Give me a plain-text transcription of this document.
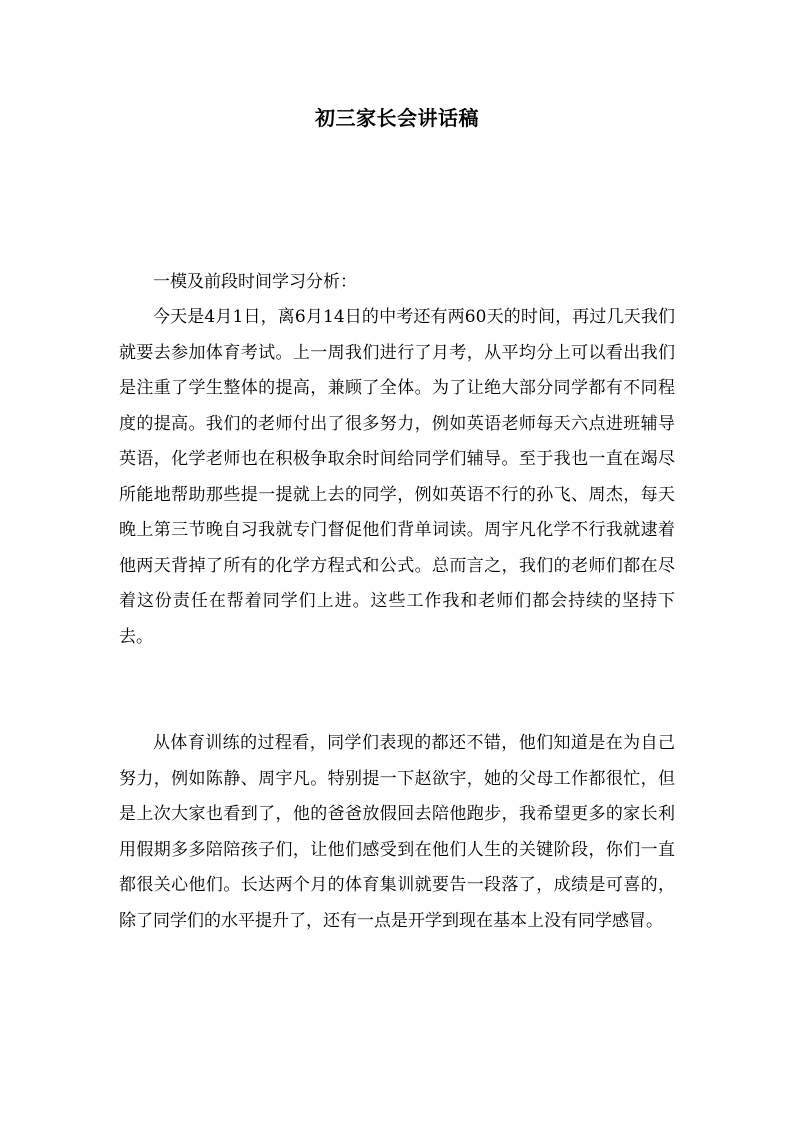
初三家长会讲话稿

一模及前段时间学习分析：

今天是4月1日，离6月14日的中考还有两60天的时间，再过几天我们就要去参加体育考试。上一周我们进行了月考，从平均分上可以看出我们是注重了学生整体的提高，兼顾了全体。为了让绝大部分同学都有不同程度的提高。我们的老师付出了很多努力，例如英语老师每天六点进班辅导英语，化学老师也在积极争取余时间给同学们辅导。至于我也一直在竭尽所能地帮助那些提一提就上去的同学，例如英语不行的孙飞、周杰，每天晚上第三节晚自习我就专门督促他们背单词读。周宇凡化学不行我就逮着他两天背掉了所有的化学方程式和公式。总而言之，我们的老师们都在尽着这份责任在帮着同学们上进。这些工作我和老师们都会持续的坚持下去。

从体育训练的过程看，同学们表现的都还不错，他们知道是在为自己努力，例如陈静、周宇凡。特别提一下赵欲宇，她的父母工作都很忙，但是上次大家也看到了，他的爸爸放假回去陪他跑步，我希望更多的家长利用假期多多陪陪孩子们，让他们感受到在他们人生的关键阶段，你们一直都很关心他们。长达两个月的体育集训就要告一段落了，成绩是可喜的，除了同学们的水平提升了，还有一点是开学到现在基本上没有同学感冒。
